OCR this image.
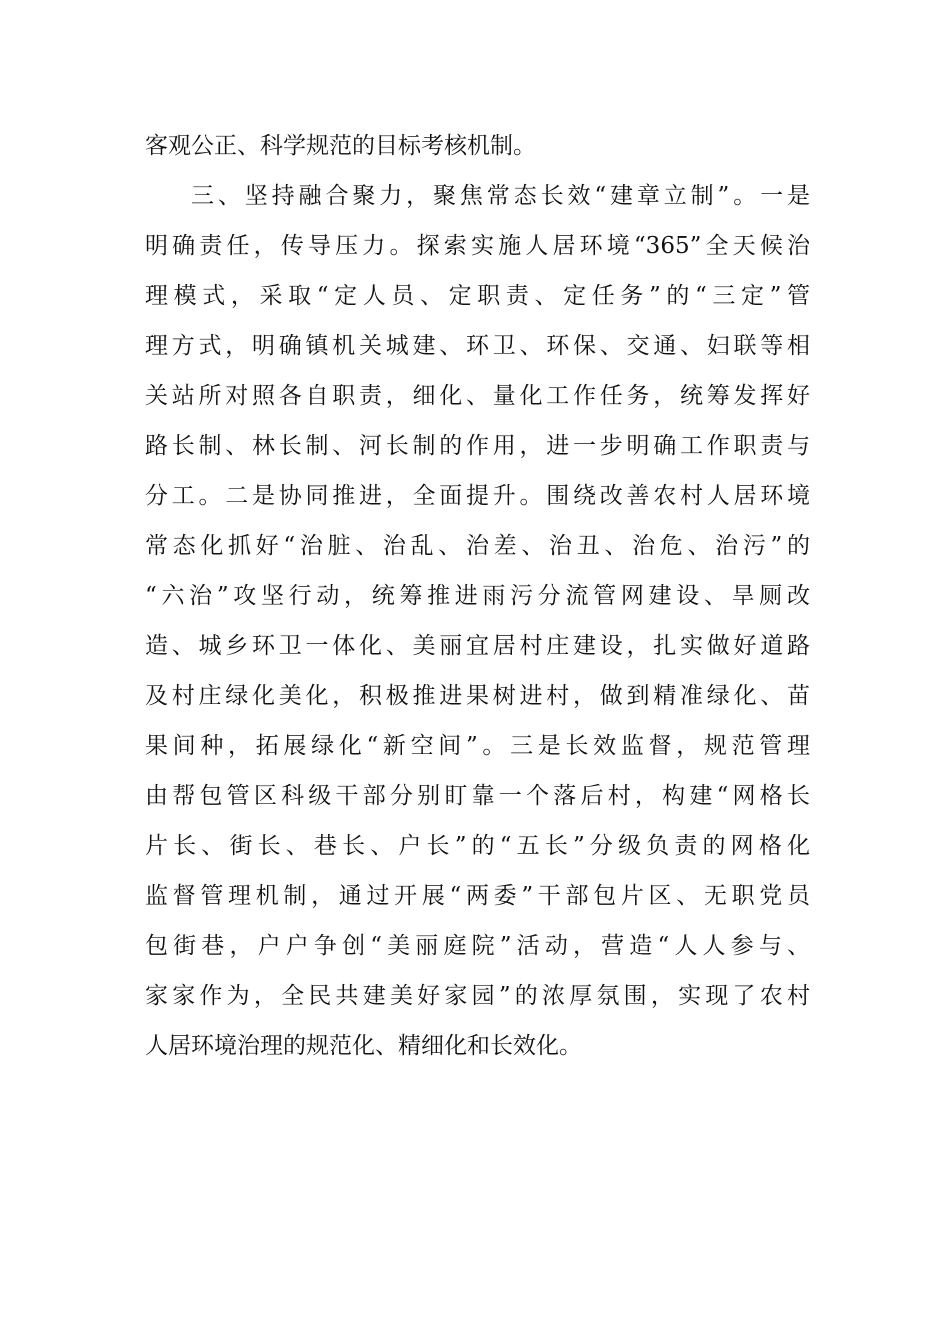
客观公正、科学规范的目标考核机制。
三、坚持融合聚力，聚焦常态长效“建章立制”。一是
明确责任，传导压力。探索实施人居环境“365”全天候治
理模式，采取“定人员、定职责、定任务”的“三定”管
理方式，明确镇机关城建、环卫、环保、交通、妇联等相
关站所对照各自职责，细化、量化工作任务，统筹发挥好
路长制、林长制、河长制的作用，进一步明确工作职责与
分工。二是协同推进，全面提升。围绕改善农村人居环境
常态化抓好“治脏、治乱、治差、治丑、治危、治污”的
“六治”攻坚行动，统筹推进雨污分流管网建设、旱厕改
造、城乡环卫一体化、美丽宜居村庄建设，扎实做好道路
及村庄绿化美化，积极推进果树进村，做到精准绿化、苗
果间种，拓展绿化“新空间”。三是长效监督，规范管理
由帮包管区科级干部分别盯靠一个落后村，构建“网格长
片长、街长、巷长、户长”的“五长”分级负责的网格化
监督管理机制，通过开展“两委”干部包片区、无职党员
包街巷，户户争创“美丽庭院”活动，营造“人人参与、
家家作为，全民共建美好家园”的浓厚氛围，实现了农村
人居环境治理的规范化、精细化和长效化。
